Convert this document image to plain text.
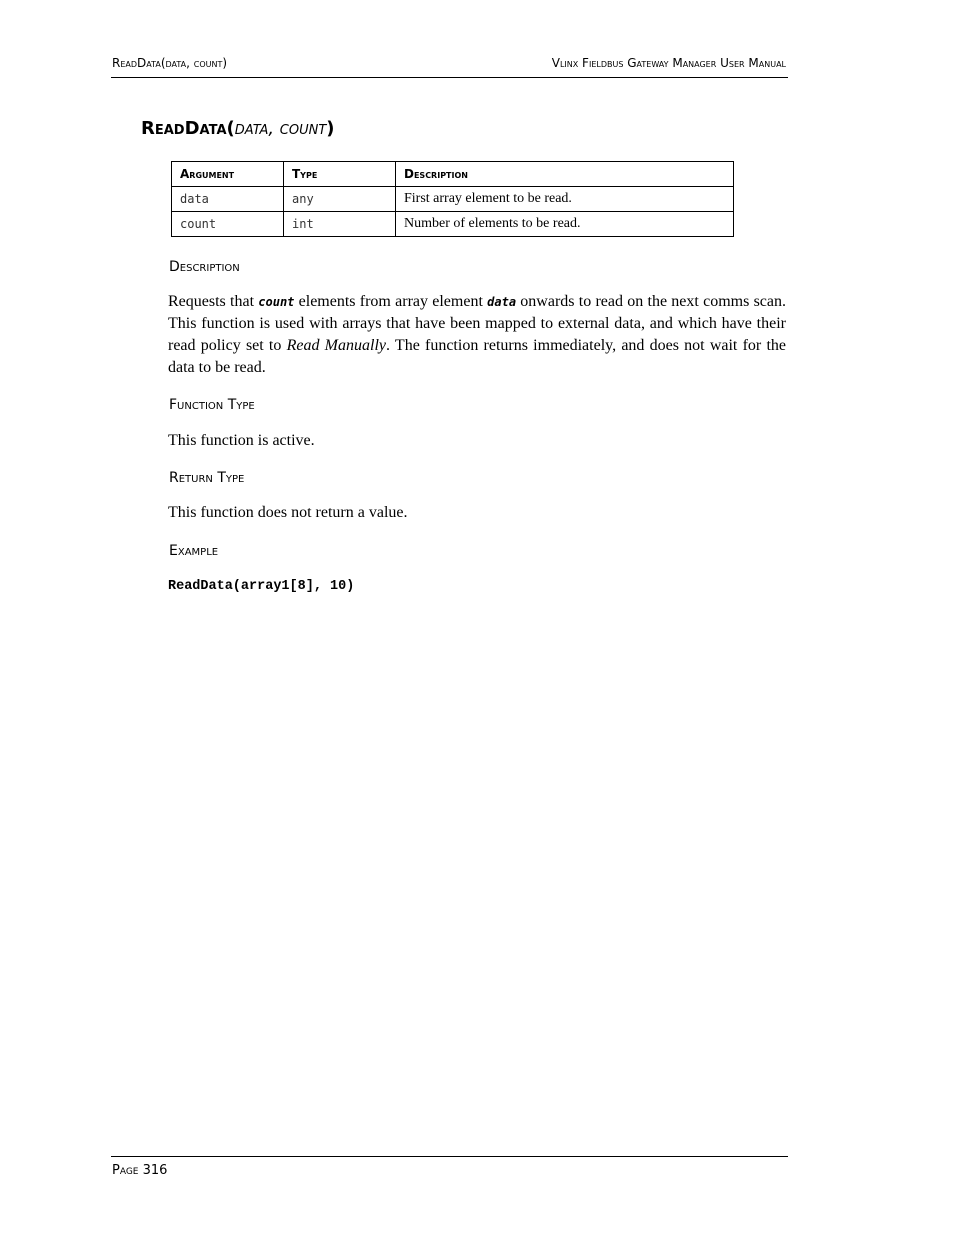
ReadData(data, count)	Vlinx Fieldbus Gateway Manager User Manual
ReadData(data, count)
Argument	Type	Description
data	any	First array element to be read.
count	int	Number of elements to be read.
Description

Requests that count elements from array element data onwards to read on the next comms scan. This function is used with arrays that have been mapped to external data, and which have their read policy set to Read Manually. The function returns immediately, and does not wait for the data to be read.

Function Type

This function is active.

Return Type

This function does not return a value.

Example
ReadData(array1[8], 10)
Page 316
